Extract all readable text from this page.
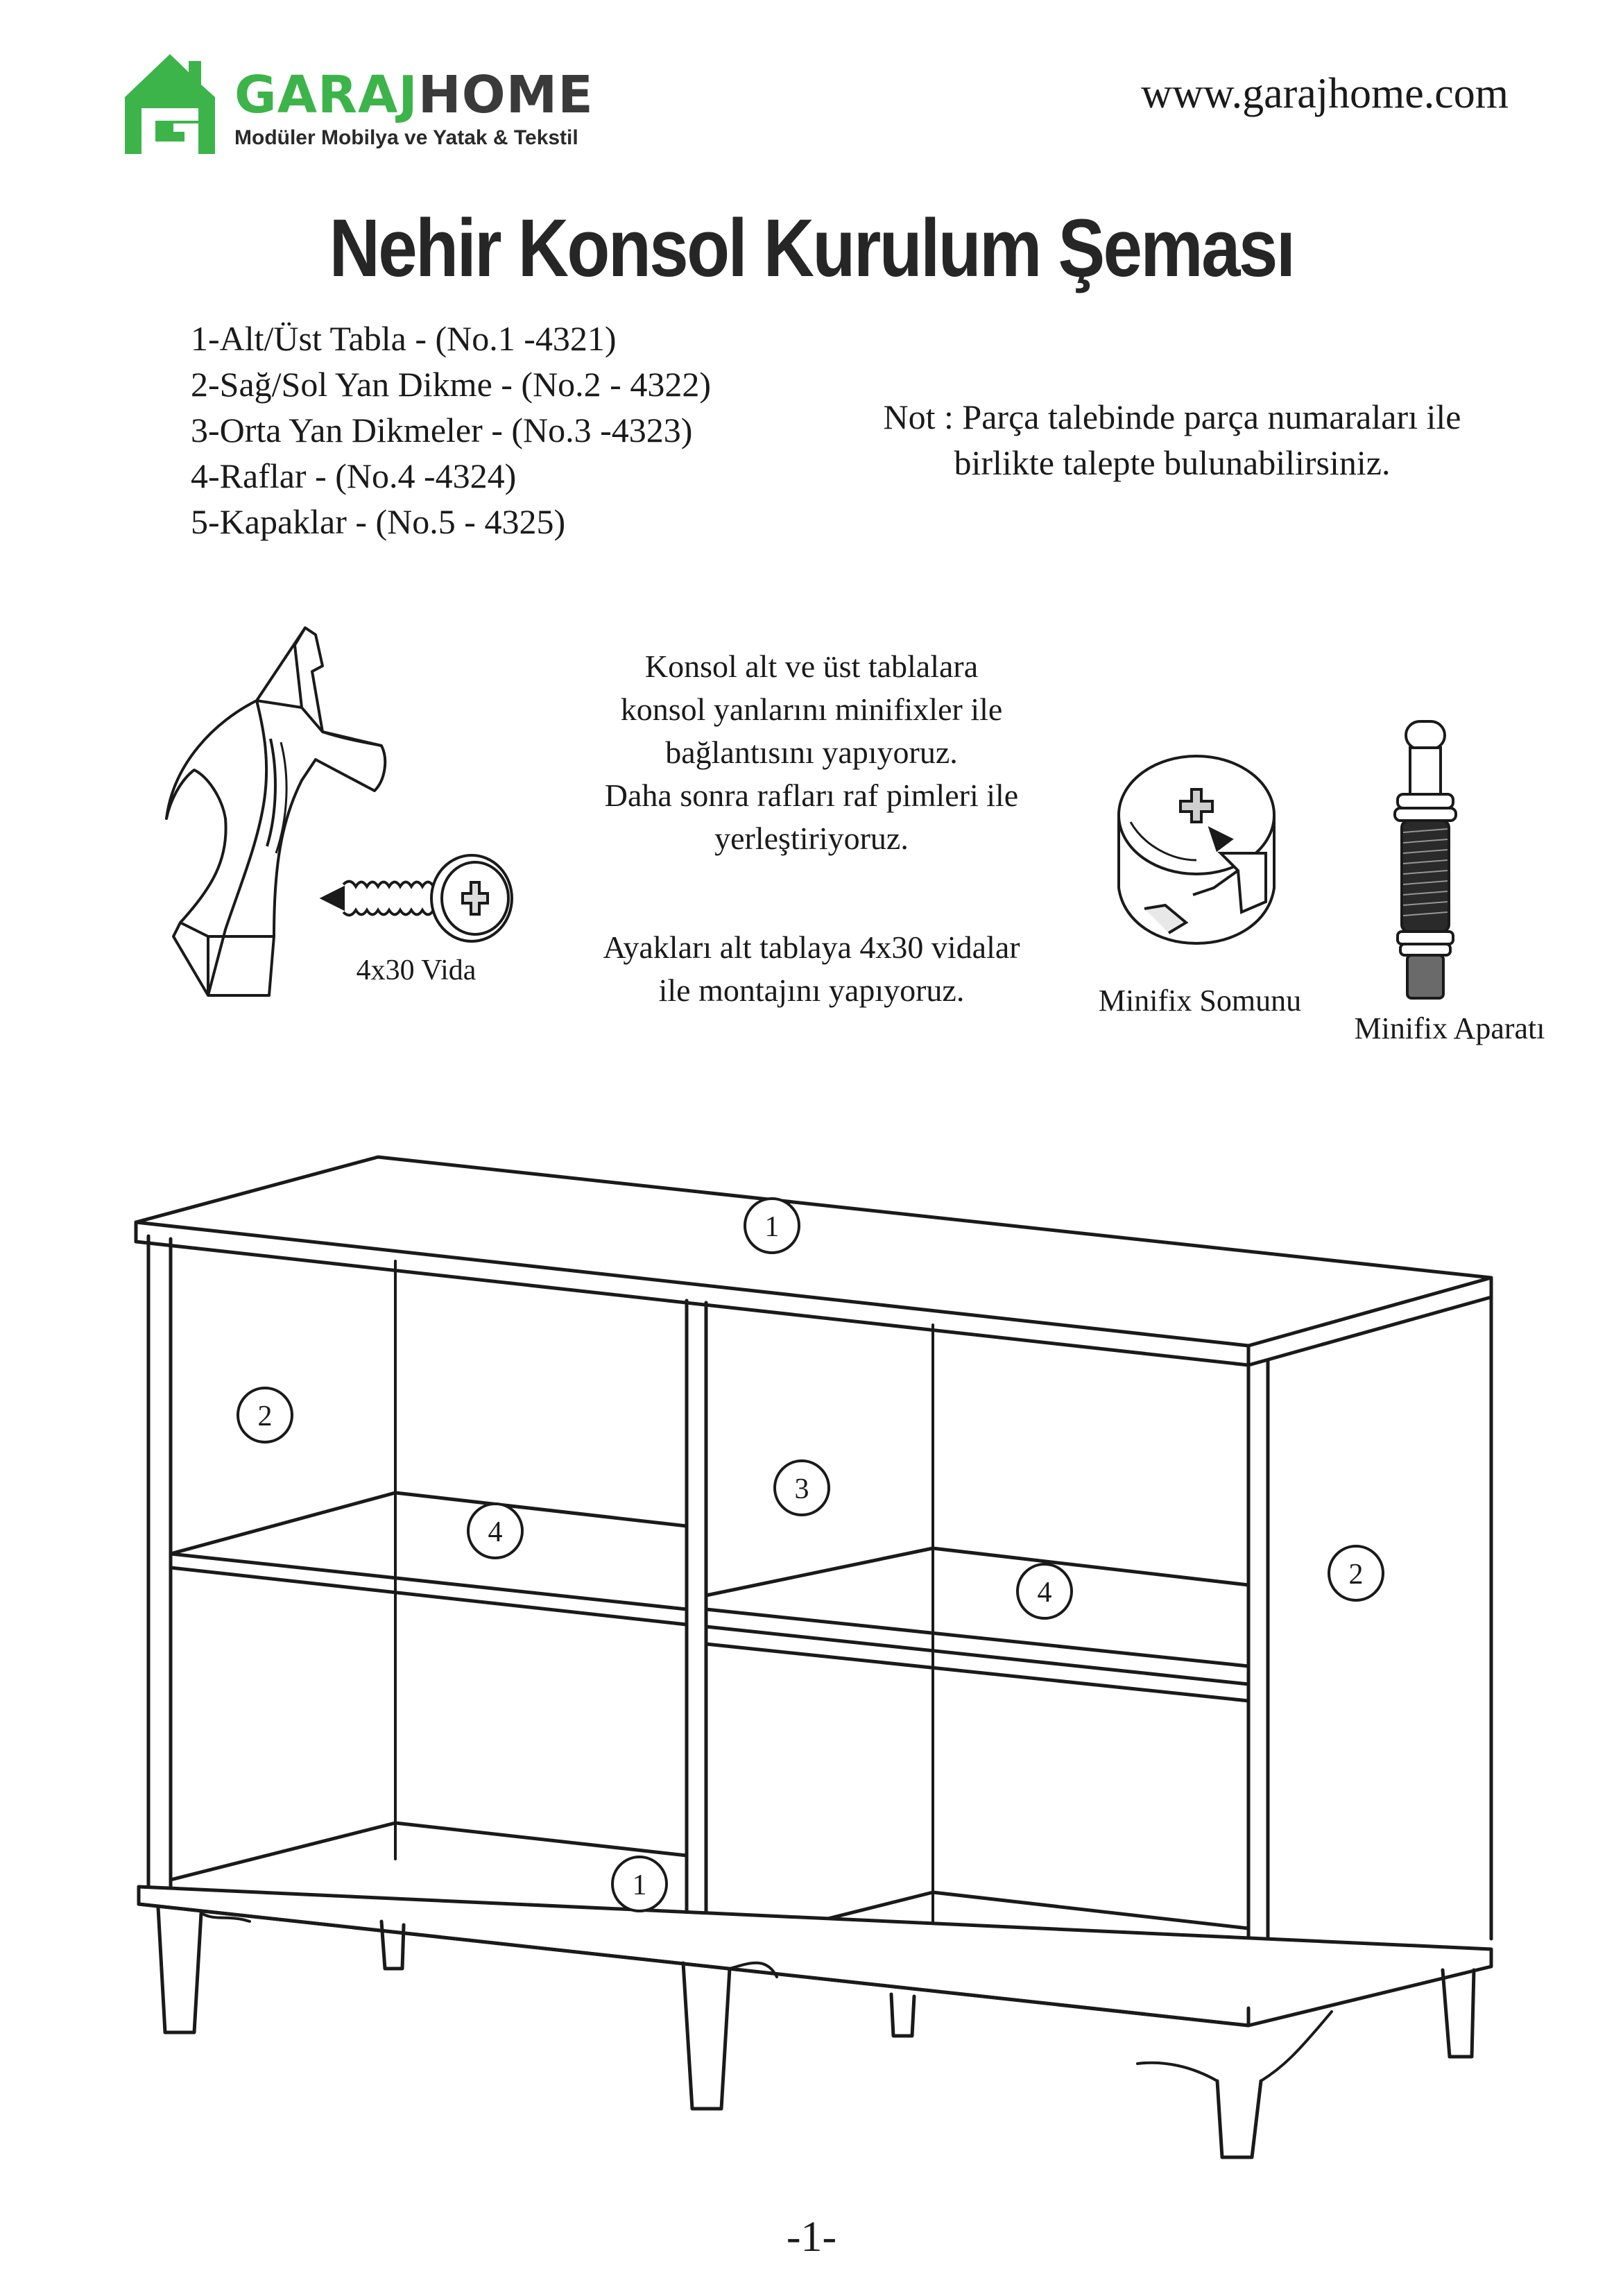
GARAJHOME
Modüler Mobilya ve Yatak & Tekstil
www.garajhome.com
Nehir Konsol Kurulum Şeması
1-Alt/Üst Tabla - (No.1 -4321)
2-Sağ/Sol Yan Dikme - (No.2 - 4322)
3-Orta Yan Dikmeler - (No.3 -4323)
4-Raflar - (No.4 -4324)
5-Kapaklar - (No.5 - 4325)
Not : Parça talebinde parça numaraları ile
birlikte talepte bulunabilirsiniz.
Konsol alt ve üst tablalara
konsol yanlarını minifixler ile
bağlantısını yapıyoruz.
Daha sonra rafları raf pimleri ile
yerleştiriyoruz.
Ayakları alt tablaya 4x30 vidalar
ile montajını yapıyoruz.
4x30 Vida
Minifix Somunu
Minifix Aparatı
1
2
3
4
4
2
1
-1-
